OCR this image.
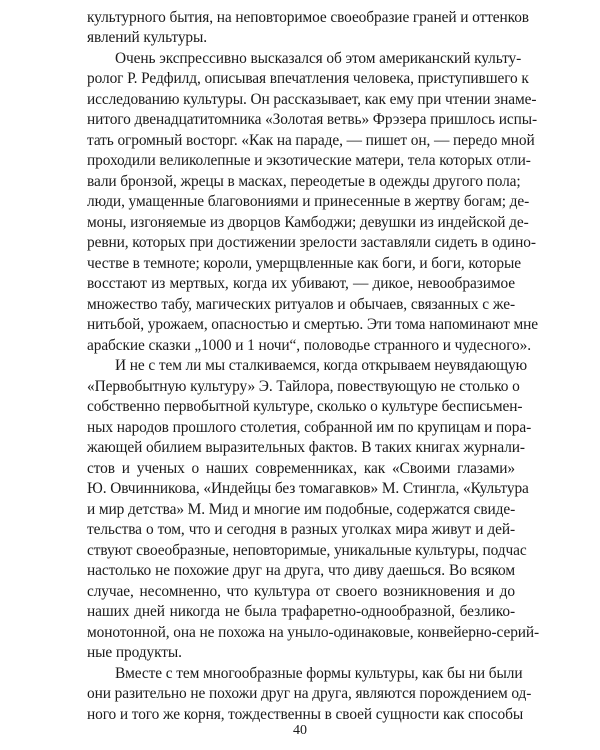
культурного бытия, на неповторимое своеобразие граней и оттенков
явлений культуры.
Очень экспрессивно высказался об этом американский культу-
ролог Р. Редфилд, описывая впечатления человека, приступившего к
исследованию культуры. Он рассказывает, как ему при чтении знаме-
нитого двенадцатитомника «Золотая ветвь» Фрэзера пришлось испы-
тать огромный восторг. «Как на параде, — пишет он, — передо мной
проходили великолепные и экзотические матери, тела которых отли-
вали бронзой, жрецы в масках, переодетые в одежды другого пола;
люди, умащенные благовониями и принесенные в жертву богам; де-
моны, изгоняемые из дворцов Камбоджи; девушки из индейской де-
ревни, которых при достижении зрелости заставляли сидеть в одино-
честве в темноте; короли, умерщвленные как боги, и боги, которые
восстают из мертвых, когда их убивают, — дикое, невообразимое
множество табу, магических ритуалов и обычаев, связанных с же-
нитьбой, урожаем, опасностью и смертью. Эти тома напоминают мне
арабские сказки „1000 и 1 ночи“, половодье странного и чудесного».
И не с тем ли мы сталкиваемся, когда открываем неувядающую
«Первобытную культуру» Э. Тайлора, повествующую не столько о
собственно первобытной культуре, сколько о культуре бесписьмен-
ных народов прошлого столетия, собранной им по крупицам и пора-
жающей обилием выразительных фактов. В таких книгах журнали-
стов и ученых о наших современниках, как «Своими глазами»
Ю. Овчинникова, «Индейцы без томагавков» М. Стингла, «Культура
и мир детства» М. Мид и многие им подобные, содержатся свиде-
тельства о том, что и сегодня в разных уголках мира живут и дей-
ствуют своеобразные, неповторимые, уникальные культуры, подчас
настолько не похожие друг на друга, что диву даешься. Во всяком
случае, несомненно, что культура от своего возникновения и до
наших дней никогда не была трафаретно-однообразной, безлико-
монотонной, она не похожа на уныло-одинаковые, конвейерно-серий-
ные продукты.
Вместе с тем многообразные формы культуры, как бы ни были
они разительно не похожи друг на друга, являются порождением од-
ного и того же корня, тождественны в своей сущности как способы
40
